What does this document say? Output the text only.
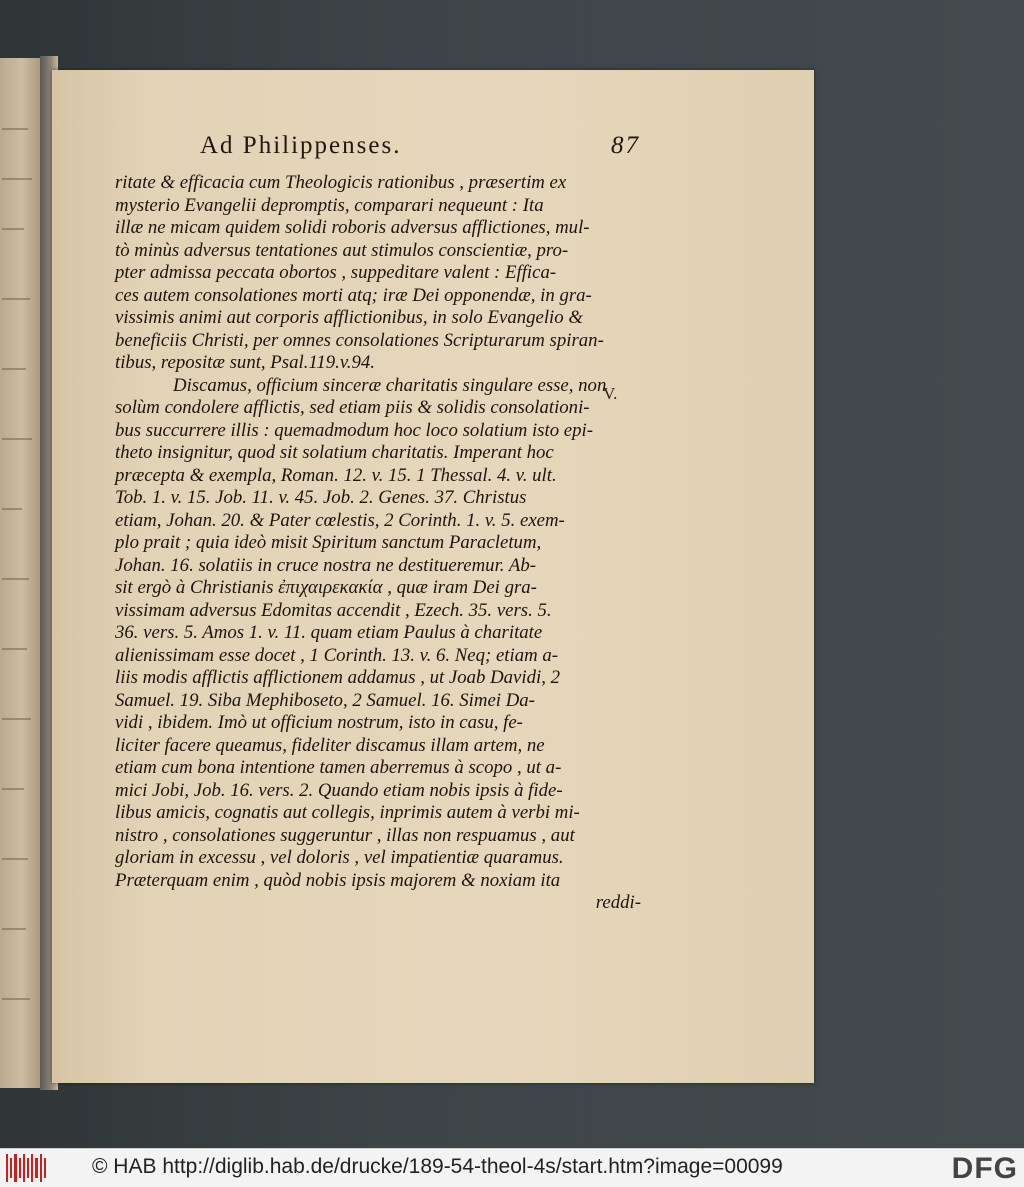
Ad Philippenses.	87
ritate & efficacia cum Theologicis rationibus , præsertim ex
mysterio Evangelii depromptis, comparari nequeunt : Ita
illæ ne micam quidem solidi roboris adversus afflictiones, mul-
tò minùs adversus tentationes aut stimulos conscientiæ, pro-
pter admissa peccata obortos , suppeditare valent : Effica-
ces autem consolationes morti atq; iræ Dei opponendæ, in gra-
vissimis animi aut corporis afflictionibus, in solo Evangelio &
beneficiis Christi, per omnes consolationes Scripturarum spiran-
tibus, repositæ sunt, Psal.119.v.94.
Discamus, officium sinceræ charitatis singulare esse, non
solùm condolere afflictis, sed etiam piis & solidis consolationi-
bus succurrere illis : quemadmodum hoc loco solatium isto epi-
theto insignitur, quod sit solatium charitatis. Imperant hoc
præcepta & exempla, Roman. 12. v. 15. 1 Thessal. 4. v. ult.
Tob. 1. v. 15. Job. 11. v. 45. Job. 2. Genes. 37. Christus
etiam, Johan. 20. & Pater cœlestis, 2 Corinth. 1. v. 5. exem-
plo prait ; quia ideò misit Spiritum sanctum Paracletum,
Johan. 16. solatiis in cruce nostra ne destitueremur. Ab-
sit ergò à Christianis ἐπιχαιρεκακία , quæ iram Dei gra-
vissimam adversus Edomitas accendit , Ezech. 35. vers. 5.
36. vers. 5. Amos 1. v. 11. quam etiam Paulus à charitate
alienissimam esse docet , 1 Corinth. 13. v. 6. Neq; etiam a-
liis modis afflictis afflictionem addamus , ut Joab Davidi, 2
Samuel. 19. Siba Mephiboseto, 2 Samuel. 16. Simei Da-
vidi , ibidem. Imò ut officium nostrum, isto in casu, fe-
liciter facere queamus, fideliter discamus illam artem, ne
etiam cum bona intentione tamen aberremus à scopo , ut a-
mici Jobi, Job. 16. vers. 2. Quando etiam nobis ipsis à fide-
libus amicis, cognatis aut collegis, inprimis autem à verbi mi-
nistro , consolationes suggeruntur , illas non respuamus , aut
gloriam in excessu , vel doloris , vel impatientiæ quaramus.
Præterquam enim , quòd nobis ipsis majorem & noxiam ita
reddi-
V.
© HAB http://diglib.hab.de/drucke/189-54-theol-4s/start.htm?image=00099	DFG
